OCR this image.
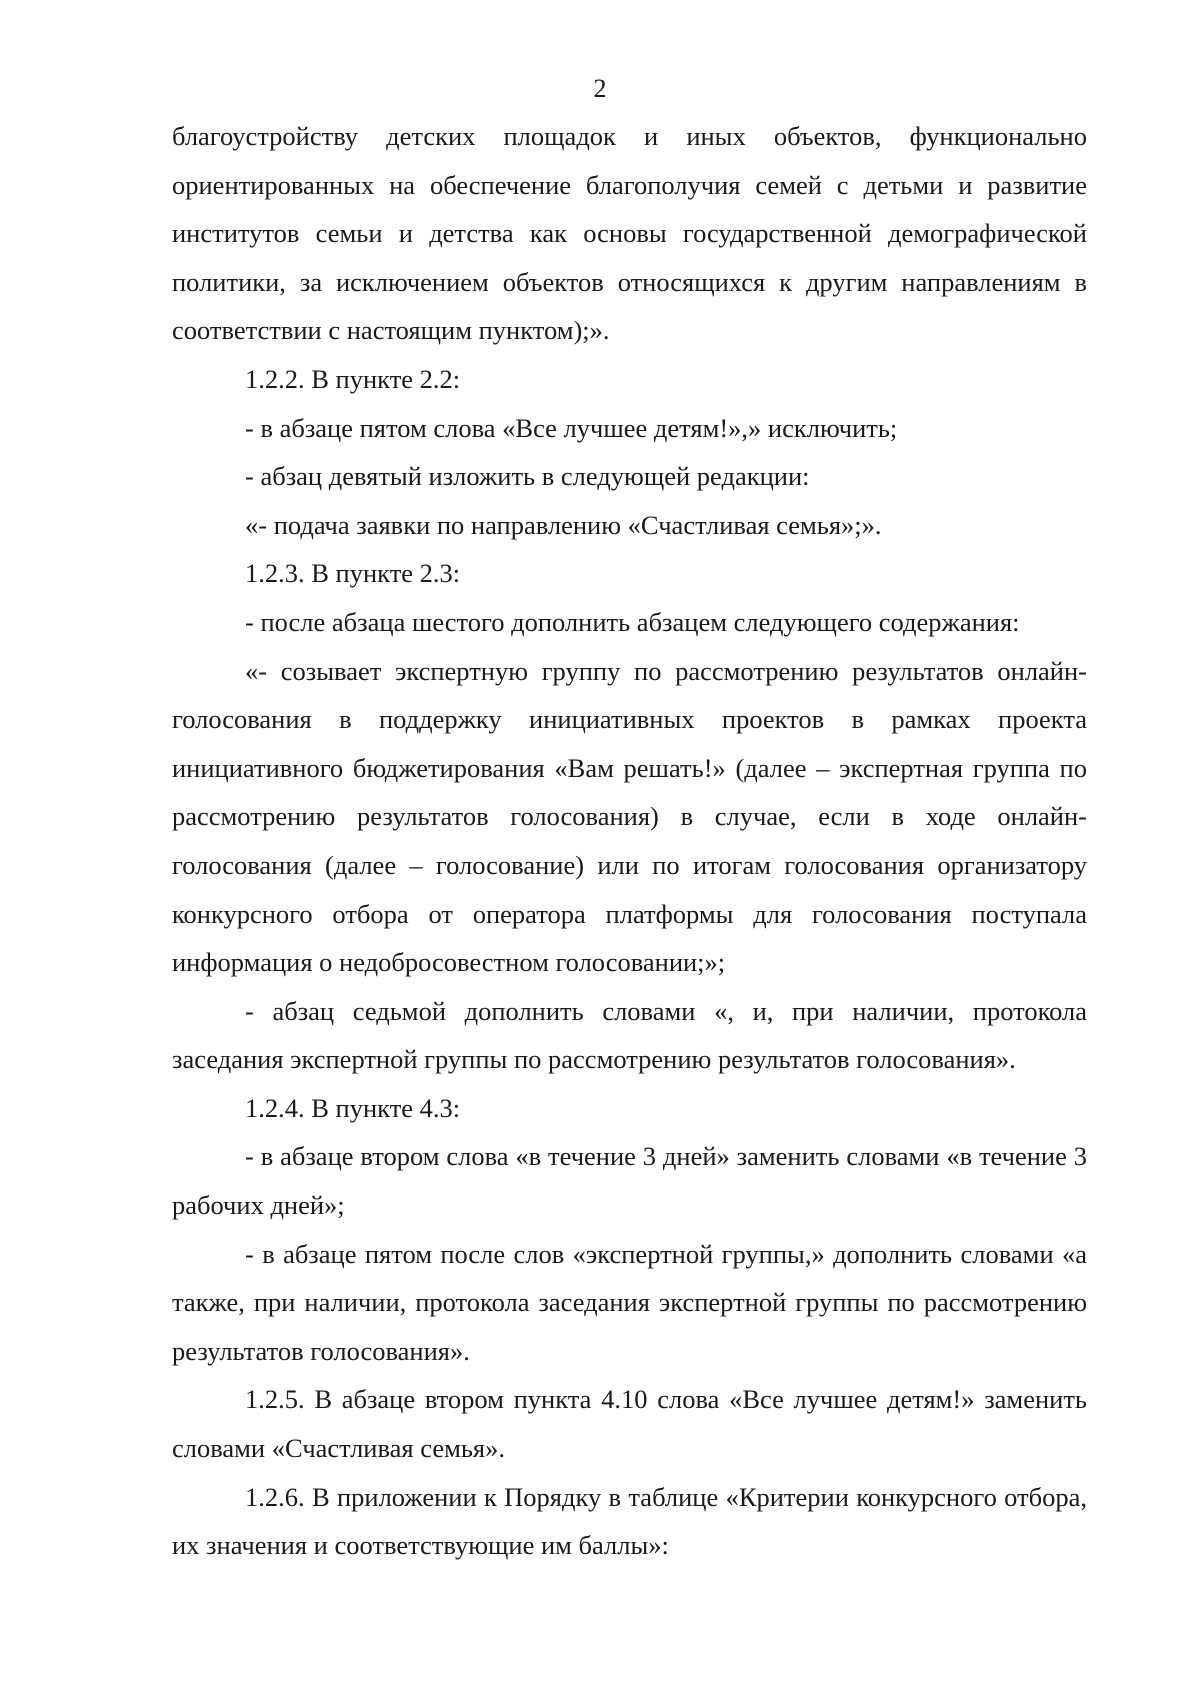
2

благоустройству детских площадок и иных объектов, функционально ориентированных на обеспечение благополучия семей с детьми и развитие институтов семьи и детства как основы государственной демографической политики, за исключением объектов относящихся к другим направлениям в соответствии с настоящим пунктом);».

1.2.2. В пункте 2.2:

- в абзаце пятом слова «Все лучшее детям!»,» исключить;

- абзац девятый изложить в следующей редакции:

«- подача заявки по направлению «Счастливая семья»;».

1.2.3. В пункте 2.3:

- после абзаца шестого дополнить абзацем следующего содержания:

«- созывает экспертную группу по рассмотрению результатов онлайн-голосования в поддержку инициативных проектов в рамках проекта инициативного бюджетирования «Вам решать!» (далее – экспертная группа по рассмотрению результатов голосования) в случае, если в ходе онлайн-голосования (далее – голосование) или по итогам голосования организатору конкурсного отбора от оператора платформы для голосования поступала информация о недобросовестном голосовании;»;

- абзац седьмой дополнить словами «, и, при наличии, протокола заседания экспертной группы по рассмотрению результатов голосования».

1.2.4. В пункте 4.3:

- в абзаце втором слова «в течение 3 дней» заменить словами «в течение 3 рабочих дней»;

- в абзаце пятом после слов «экспертной группы,» дополнить словами «а также, при наличии, протокола заседания экспертной группы по рассмотрению результатов голосования».

1.2.5. В абзаце втором пункта 4.10 слова «Все лучшее детям!» заменить словами «Счастливая семья».

1.2.6. В приложении к Порядку в таблице «Критерии конкурсного отбора, их значения и соответствующие им баллы»:
